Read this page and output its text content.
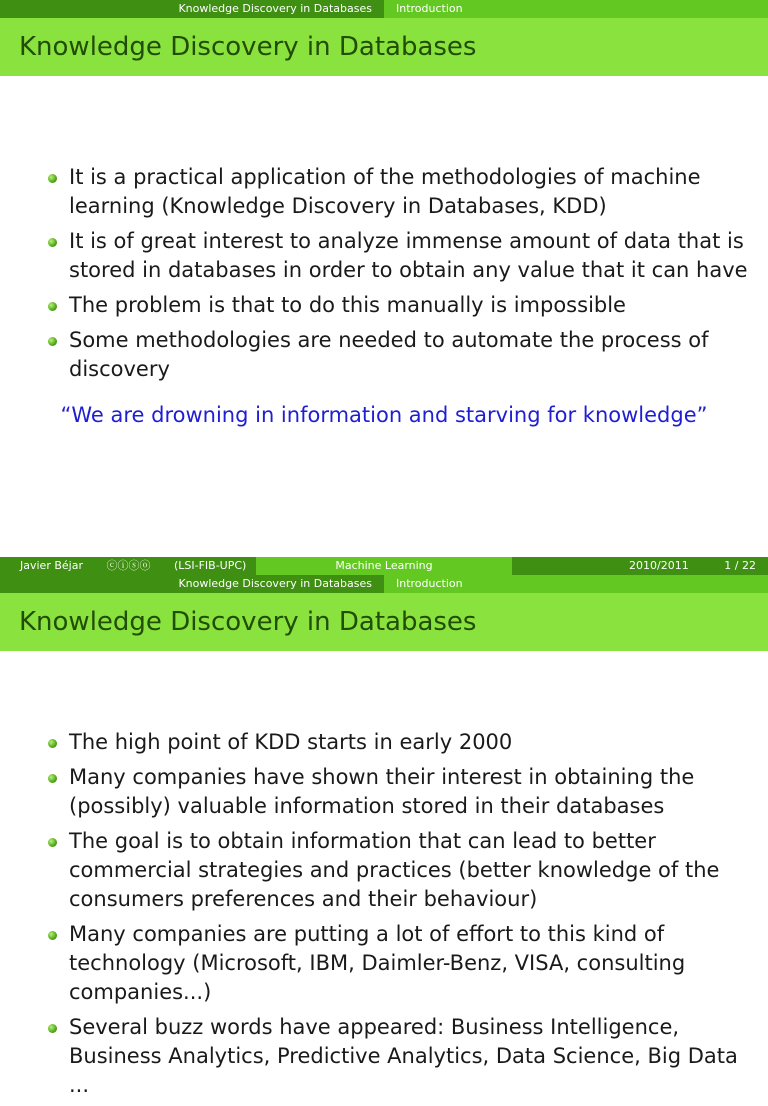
Knowledge Discovery in Databases	Introduction
Knowledge Discovery in Databases
It is a practical application of the methodologies of machine learning (Knowledge Discovery in Databases, KDD)
It is of great interest to analyze immense amount of data that is stored in databases in order to obtain any value that it can have
The problem is that to do this manually is impossible
Some methodologies are needed to automate the process of discovery
“We are drowning in information and starving for knowledge”
Javier Béjar ⓒⓘⓢⓞ (LSI-FIB-UPC)	Machine Learning	2010/2011	1 / 22
Knowledge Discovery in Databases	Introduction
Knowledge Discovery in Databases
The high point of KDD starts in early 2000
Many companies have shown their interest in obtaining the (possibly) valuable information stored in their databases
The goal is to obtain information that can lead to better commercial strategies and practices (better knowledge of the consumers preferences and their behaviour)
Many companies are putting a lot of effort to this kind of technology (Microsoft, IBM, Daimler-Benz, VISA, consulting companies...)
Several buzz words have appeared: Business Intelligence, Business Analytics, Predictive Analytics, Data Science, Big Data ...
